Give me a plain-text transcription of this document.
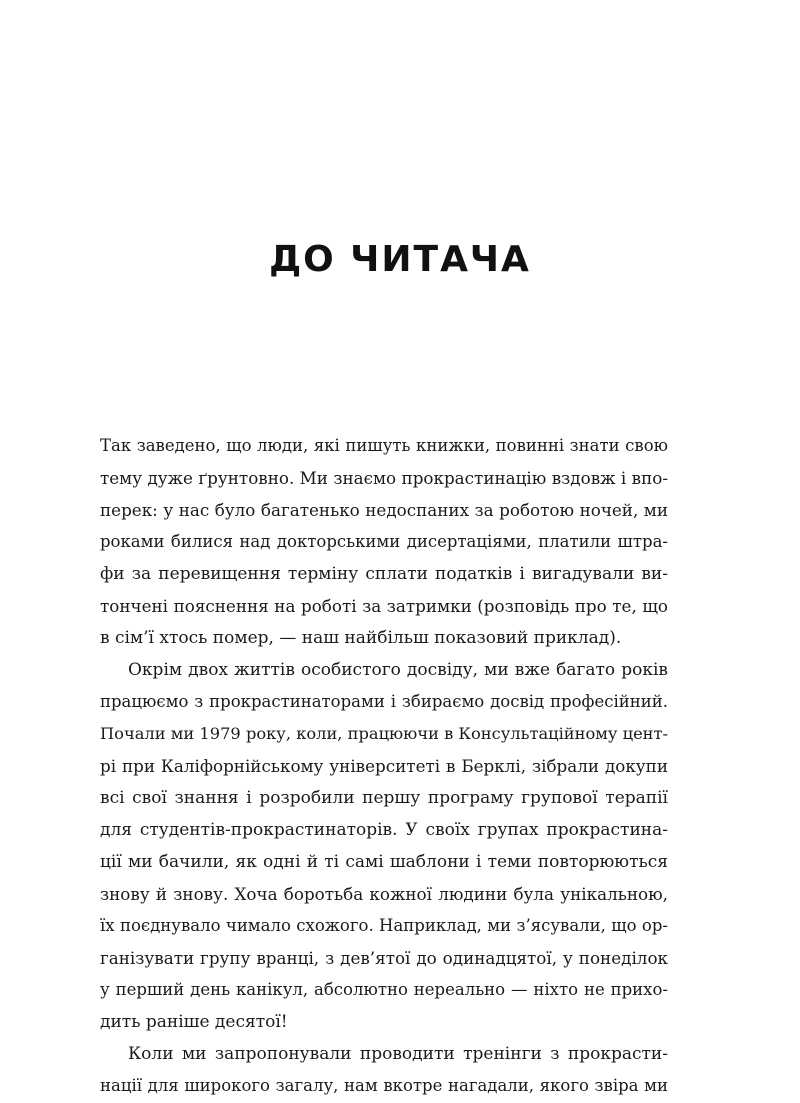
ДО ЧИТАЧА
Так заведено, що люди, які пишуть книжки, повинні знати свою
тему дуже ґрунтовно. Ми знаємо прокрастинацію вздовж і впо-
перек: у нас було багатенько недоспаних за роботою ночей, ми
роками билися над докторськими дисертаціями, платили штра-
фи за перевищення терміну сплати податків і вигадували ви-
тончені пояснення на роботі за затримки (розповідь про те, що
в сім’ї хтось помер, — наш найбільш показовий приклад).
Окрім двох життів особистого досвіду, ми вже багато років
працюємо з прокрастинаторами і збираємо досвід професійний.
Почали ми 1979 року, коли, працюючи в Консультаційному цент-
рі при Каліфорнійському університеті в Берклі, зібрали докупи
всі свої знання і розробили першу програму групової терапії
для студентів-прокрастинаторів. У своїх групах прокрастина-
ції ми бачили, як одні й ті самі шаблони і теми повторюються
знову й знову. Хоча боротьба кожної людини була унікальною,
їх поєднувало чимало схожого. Наприклад, ми з’ясували, що ор-
ганізувати групу вранці, з дев’ятої до одинадцятої, у понеділок
у перший день канікул, абсолютно нереально — ніхто не прихо-
дить раніше десятої!
Коли ми запропонували проводити тренінги з прокрасти-
нації для широкого загалу, нам вкотре нагадали, якого звіра ми
